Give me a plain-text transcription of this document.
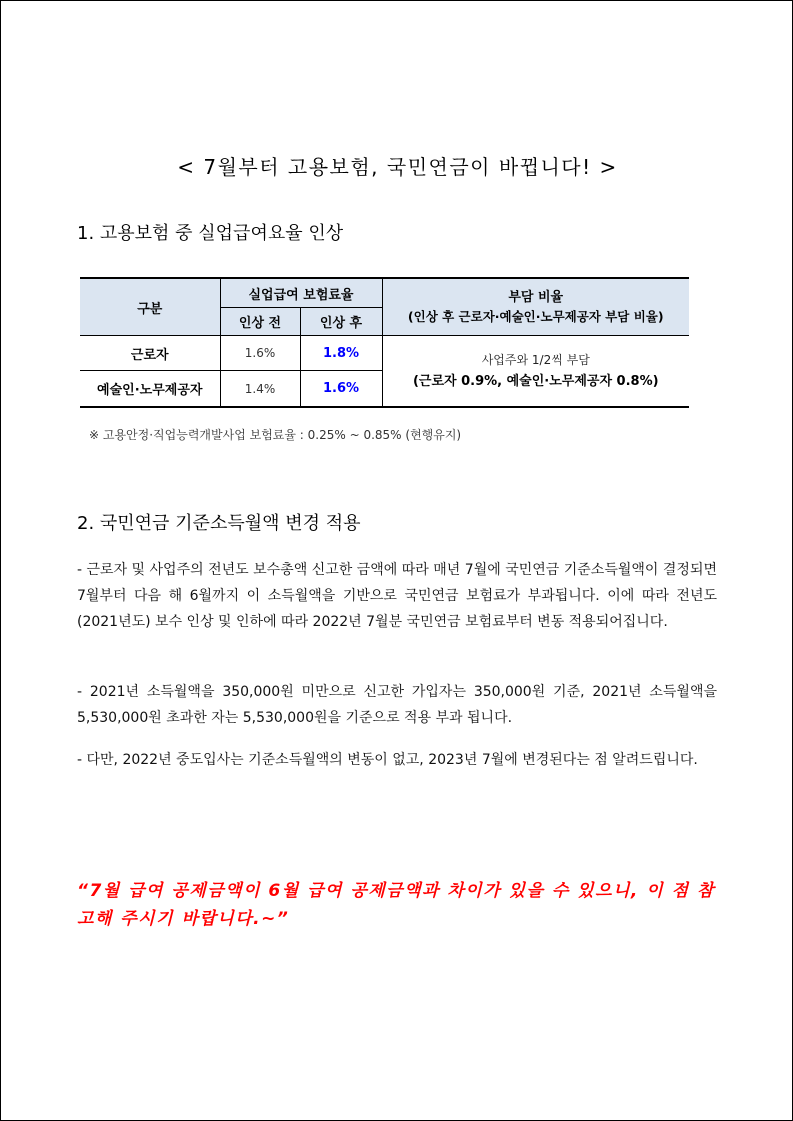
< 7월부터 고용보험, 국민연금이 바뀝니다! >
1. 고용보험 중 실업급여요율 인상
구분	실업급여 보험료율		부담 비율
(인상 후 근로자·예술인·노무제공자 부담 비율)

	인상 전	인상 후	
근로자	1.6%	1.8%	사업주와 1/2씩 부담
(근로자 0.9%, 예술인·노무제공자 0.8%)

예술인·노무제공자	1.4%	1.6%	
※ 고용안정·직업능력개발사업 보험료율 : 0.25% ~ 0.85% (현행유지)
2. 국민연금 기준소득월액 변경 적용
- 근로자 및 사업주의 전년도 보수총액 신고한 금액에 따라 매년 7월에 국민연금 기준소득월액이 결정되면 7월부터 다음 해 6월까지 이 소득월액을 기반으로 국민연금 보험료가 부과됩니다. 이에 따라 전년도(2021년도) 보수 인상 및 인하에 따라 2022년 7월분 국민연금 보험료부터 변동 적용되어집니다.
- 2021년 소득월액을 350,000원 미만으로 신고한 가입자는 350,000원 기준, 2021년 소득월액을 5,530,000원 초과한 자는 5,530,000원을 기준으로 적용 부과 됩니다.
- 다만, 2022년 중도입사는 기준소득월액의 변동이 없고, 2023년 7월에 변경된다는 점 알려드립니다.
“7월 급여 공제금액이 6월 급여 공제금액과 차이가 있을 수 있으니, 이 점 참고해 주시기 바랍니다.~”
